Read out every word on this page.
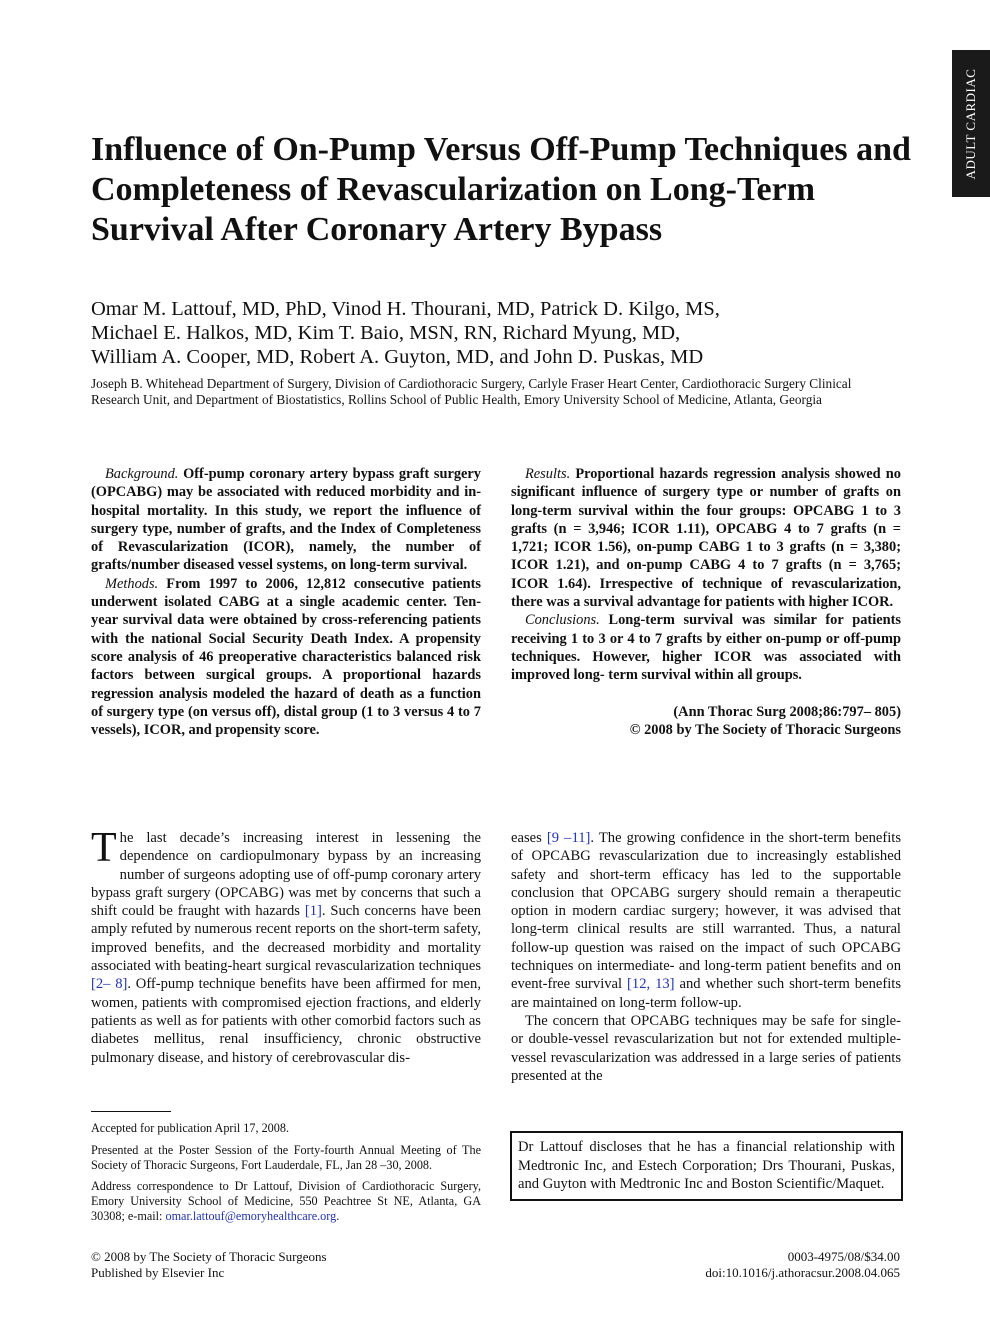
ADULT CARDIAC
Influence of On-Pump Versus Off-Pump Techniques and Completeness of Revascularization on Long-Term Survival After Coronary Artery Bypass
Omar M. Lattouf, MD, PhD, Vinod H. Thourani, MD, Patrick D. Kilgo, MS,
Michael E. Halkos, MD, Kim T. Baio, MSN, RN, Richard Myung, MD,
William A. Cooper, MD, Robert A. Guyton, MD, and John D. Puskas, MD
Joseph B. Whitehead Department of Surgery, Division of Cardiothoracic Surgery, Carlyle Fraser Heart Center, Cardiothoracic Surgery Clinical Research Unit, and Department of Biostatistics, Rollins School of Public Health, Emory University School of Medicine, Atlanta, Georgia

Background. Off-pump coronary artery bypass graft surgery (OPCABG) may be associated with reduced morbidity and in-hospital mortality. In this study, we report the influence of surgery type, number of grafts, and the Index of Completeness of Revascularization (ICOR), namely, the number of grafts/number diseased vessel systems, on long-term survival.

Methods. From 1997 to 2006, 12,812 consecutive patients underwent isolated CABG at a single academic center. Ten-year survival data were obtained by cross-referencing patients with the national Social Security Death Index. A propensity score analysis of 46 preoperative characteristics balanced risk factors between surgical groups. A proportional hazards regression analysis modeled the hazard of death as a function of surgery type (on versus off), distal group (1 to 3 versus 4 to 7 vessels), ICOR, and propensity score.

Results. Proportional hazards regression analysis showed no significant influence of surgery type or number of grafts on long-term survival within the four groups: OPCABG 1 to 3 grafts (n = 3,946; ICOR 1.11), OPCABG 4 to 7 grafts (n = 1,721; ICOR 1.56), on-pump CABG 1 to 3 grafts (n = 3,380; ICOR 1.21), and on-pump CABG 4 to 7 grafts (n = 3,765; ICOR 1.64). Irrespective of technique of revascularization, there was a survival advantage for patients with higher ICOR.

Conclusions. Long-term survival was similar for patients receiving 1 to 3 or 4 to 7 grafts by either on-pump or off-pump techniques. However, higher ICOR was associated with improved long- term survival within all groups.

(Ann Thorac Surg 2008;86:797– 805)
© 2008 by The Society of Thoracic Surgeons

The last decade’s increasing interest in lessening the dependence on cardiopulmonary bypass by an increasing number of surgeons adopting use of off-pump coronary artery bypass graft surgery (OPCABG) was met by concerns that such a shift could be fraught with hazards [1]. Such concerns have been amply refuted by numerous recent reports on the short-term safety, improved benefits, and the decreased morbidity and mortality associated with beating-heart surgical revascularization techniques [2– 8]. Off-pump technique benefits have been affirmed for men, women, patients with compromised ejection fractions, and elderly patients as well as for patients with other comorbid factors such as diabetes mellitus, renal insufficiency, chronic obstructive pulmonary disease, and history of cerebrovascular dis-

eases [9 –11]. The growing confidence in the short-term benefits of OPCABG revascularization due to increasingly established safety and short-term efficacy has led to the supportable conclusion that OPCABG surgery should remain a therapeutic option in modern cardiac surgery; however, it was advised that long-term clinical results are still warranted. Thus, a natural follow-up question was raised on the impact of such OPCABG techniques on intermediate- and long-term patient benefits and on event-free survival [12, 13] and whether such short-term benefits are maintained on long-term follow-up.

The concern that OPCABG techniques may be safe for single- or double-vessel revascularization but not for extended multiple-vessel revascularization was addressed in a large series of patients presented at the

Accepted for publication April 17, 2008.

Presented at the Poster Session of the Forty-fourth Annual Meeting of The Society of Thoracic Surgeons, Fort Lauderdale, FL, Jan 28 –30, 2008.

Address correspondence to Dr Lattouf, Division of Cardiothoracic Surgery, Emory University School of Medicine, 550 Peachtree St NE, Atlanta, GA 30308; e-mail: omar.lattouf@emoryhealthcare.org.

Dr Lattouf discloses that he has a financial relationship with Medtronic Inc, and Estech Corporation; Drs Thourani, Puskas, and Guyton with Medtronic Inc and Boston Scientific/Maquet.
© 2008 by The Society of Thoracic Surgeons
Published by Elsevier Inc
0003-4975/08/$34.00
doi:10.1016/j.athoracsur.2008.04.065
